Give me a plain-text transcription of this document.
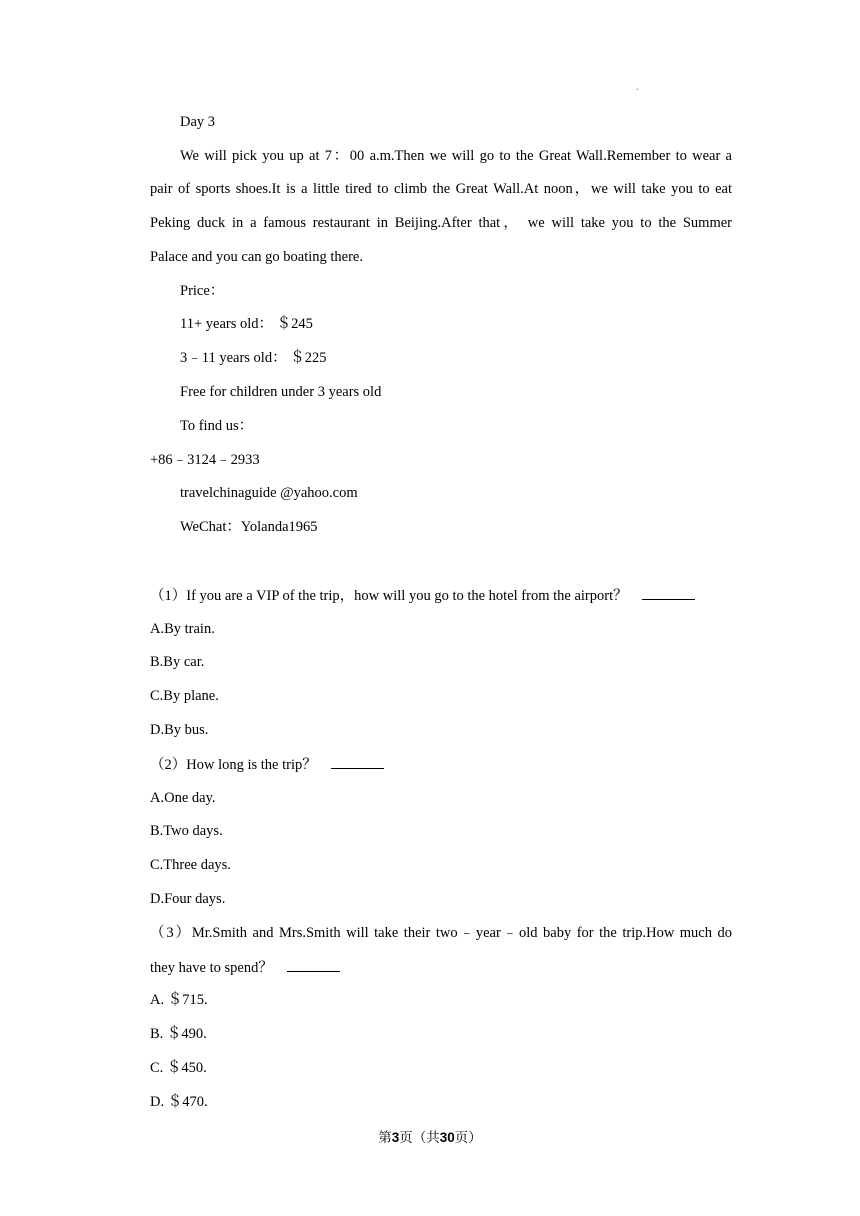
.
Day 3
We will pick you up at 7：00 a.m.Then we will go to the Great Wall.Remember to wear a
pair of sports shoes.It is a little tired to climb the Great Wall.At noon，we will take you to eat
Peking duck in a famous restaurant in Beijing.After that， we will take you to the Summer
Palace and you can go boating there.
Price：
11+ years old： ＄245
3﹣11 years old： ＄225
Free for children under 3 years old
To find us：
+86﹣3124﹣2933
travelchinaguide @yahoo.com
WeChat：Yolanda1965
（1）If you are a VIP of the trip，how will you go to the hotel from the airport？
A.By train.
B.By car.
C.By plane.
D.By bus.
（2）How long is the trip？
A.One day.
B.Two days.
C.Three days.
D.Four days.
（3）Mr.Smith and Mrs.Smith will take their two﹣year﹣old baby for the trip.How much do
they have to spend？
A. ＄715.
B. ＄490.
C. ＄450.
D. ＄470.
第3页（共30页）
